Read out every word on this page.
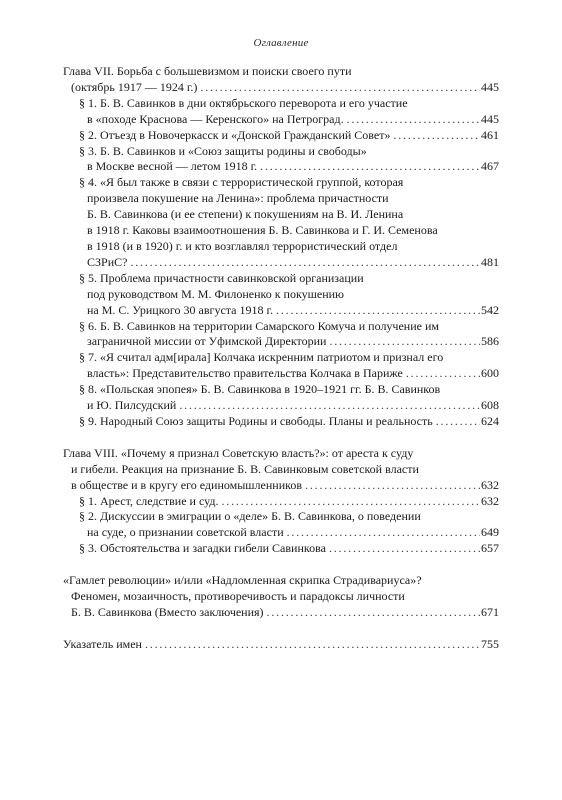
Оглавление
Глава VII. Борьба с большевизмом и поиски своего пути
(октябрь 1917 — 1924 г.) . . .	445
§ 1. Б. В. Савинков в дни октябрьского переворота и его участие
в «походе Краснова — Керенского» на Петроград. . . .	445
§ 2. Отъезд в Новочеркасск и «Донской Гражданский Совет» . . .	461
§ 3. Б. В. Савинков и «Союз защиты родины и свободы»
в Москве весной — летом 1918 г. . . .	467
§ 4. «Я был также в связи с террористической группой, которая
произвела покушение на Ленина»: проблема причастности
Б. В. Савинкова (и ее степени) к покушениям на В. И. Ленина
в 1918 г. Каковы взаимоотношения Б. В. Савинкова и Г. И. Семенова
в 1918 (и в 1920) г. и кто возглавлял террористический отдел
СЗРиС? . . .	481
§ 5. Проблема причастности савинковской организации
под руководством М. М. Филоненко к покушению
на М. С. Урицкого 30 августа 1918 г. . . .	542
§ 6. Б. В. Савинков на территории Самарского Комуча и получение им
заграничной миссии от Уфимской Директории . . .	586
§ 7. «Я считал адм[ирала] Колчака искренним патриотом и признал его
власть»: Представительство правительства Колчака в Париже . . .	600
§ 8. «Польская эпопея» Б. В. Савинкова в 1920–1921 гг. Б. В. Савинков
и Ю. Пилсудский . . .	608
§ 9. Народный Союз защиты Родины и свободы. Планы и реальность . . .	624
Глава VIII. «Почему я признал Советскую власть?»: от ареста к суду
и гибели. Реакция на признание Б. В. Савинковым советской власти
в обществе и в кругу его единомышленников . . .	632
§ 1. Арест, следствие и суд. . . .	632
§ 2. Дискуссии в эмиграции о «деле» Б. В. Савинкова, о поведении
на суде, о признании советской власти . . .	649
§ 3. Обстоятельства и загадки гибели Савинкова . . .	657
«Гамлет революции» и/или «Надломленная скрипка Страдивариуса»?
Феномен, мозаичность, противоречивость и парадоксы личности
Б. В. Савинкова (Вместо заключения) . . .	671
Указатель имен . . .	755
